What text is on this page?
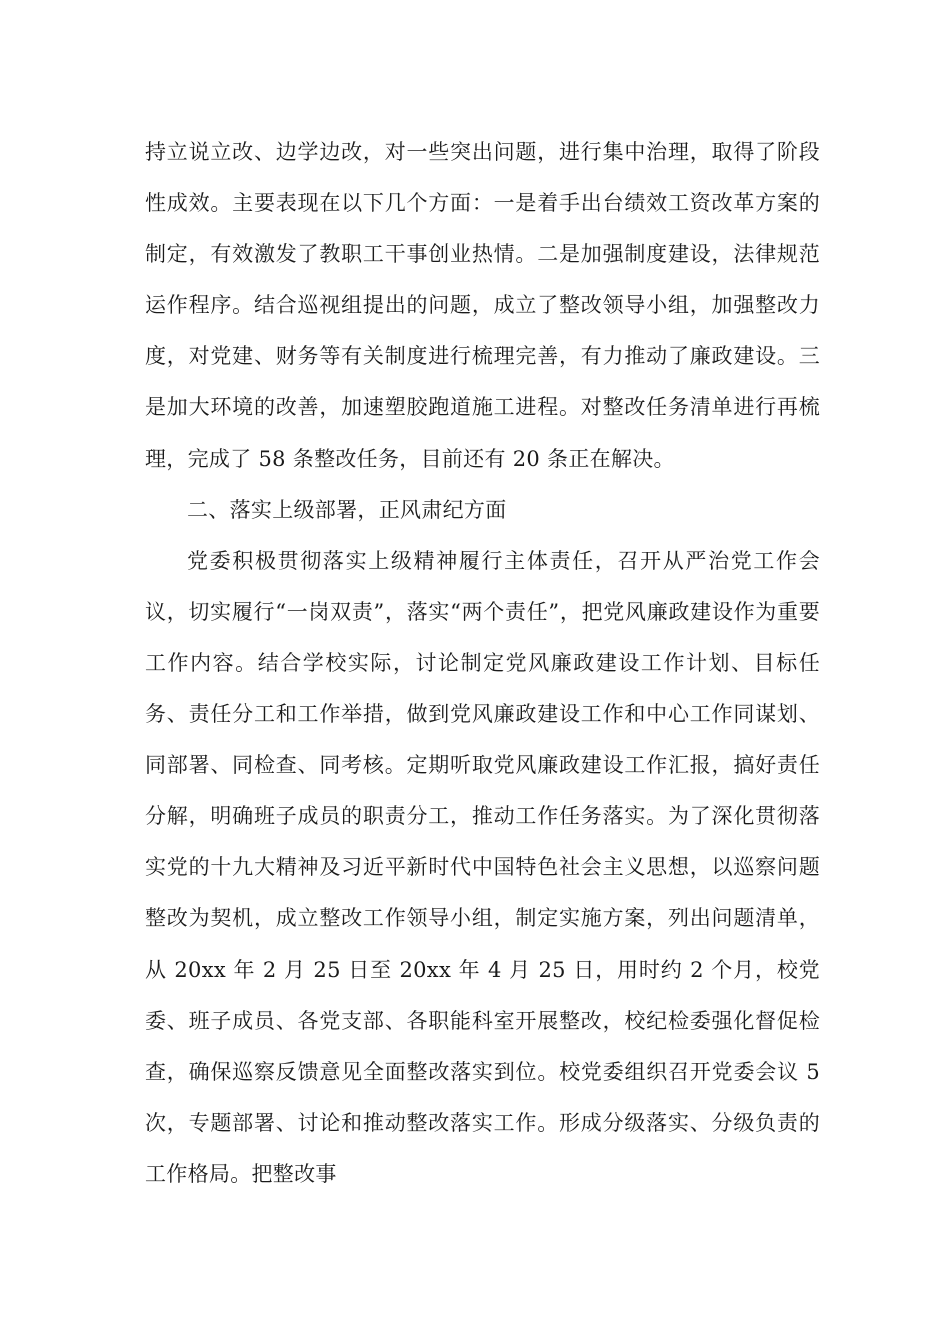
持立说立改、边学边改，对一些突出问题，进行集中治理，取得了阶段性成效。主要表现在以下几个方面：一是着手出台绩效工资改革方案的制定，有效激发了教职工干事创业热情。二是加强制度建设，法律规范运作程序。结合巡视组提出的问题，成立了整改领导小组，加强整改力度，对党建、财务等有关制度进行梳理完善，有力推动了廉政建设。三是加大环境的改善，加速塑胶跑道施工进程。对整改任务清单进行再梳理，完成了 58 条整改任务，目前还有 20 条正在解决。

二、落实上级部署，正风肃纪方面

党委积极贯彻落实上级精神履行主体责任，召开从严治党工作会议，切实履行“一岗双责”，落实“两个责任”，把党风廉政建设作为重要工作内容。结合学校实际，讨论制定党风廉政建设工作计划、目标任务、责任分工和工作举措，做到党风廉政建设工作和中心工作同谋划、同部署、同检查、同考核。定期听取党风廉政建设工作汇报，搞好责任分解，明确班子成员的职责分工，推动工作任务落实。为了深化贯彻落实党的十九大精神及习近平新时代中国特色社会主义思想，以巡察问题整改为契机，成立整改工作领导小组，制定实施方案，列出问题清单，从 20xx 年 2 月 25 日至 20xx 年 4 月 25 日，用时约 2 个月，校党委、班子成员、各党支部、各职能科室开展整改，校纪检委强化督促检查，确保巡察反馈意见全面整改落实到位。校党委组织召开党委会议 5 次，专题部署、讨论和推动整改落实工作。形成分级落实、分级负责的工作格局。把整改事
